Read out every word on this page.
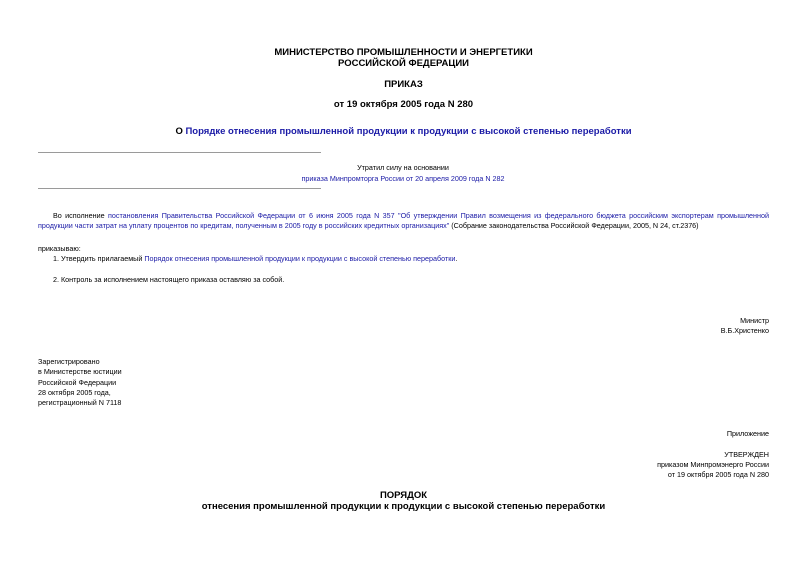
МИНИСТЕРСТВО ПРОМЫШЛЕННОСТИ И ЭНЕРГЕТИКИ
РОССИЙСКОЙ ФЕДЕРАЦИИ
ПРИКАЗ
от 19 октября 2005 года N 280
О Порядке отнесения промышленной продукции к продукции с высокой степенью переработки
Утратил силу на основании
приказа Минпромторга России от 20 апреля 2009 года N 282
Во исполнение постановления Правительства Российской Федерации от 6 июня 2005 года N 357 "Об утверждении Правил возмещения из федерального бюджета российским экспортерам промышленной продукции части затрат на уплату процентов по кредитам, полученным в 2005 году в российских кредитных организациях" (Собрание законодательства Российской Федерации, 2005, N 24, ст.2376)
приказываю:
1. Утвердить прилагаемый Порядок отнесения промышленной продукции к продукции с высокой степенью переработки.
2. Контроль за исполнением настоящего приказа оставляю за собой.
Министр
В.Б.Христенко
Зарегистрировано
в Министерстве юстиции
Российской Федерации
28 октября 2005 года,
регистрационный N 7118
Приложение
УТВЕРЖДЕН
приказом Минпромэнерго России
от 19 октября 2005 года N 280
ПОРЯДОК
отнесения промышленной продукции к продукции с высокой степенью переработки
